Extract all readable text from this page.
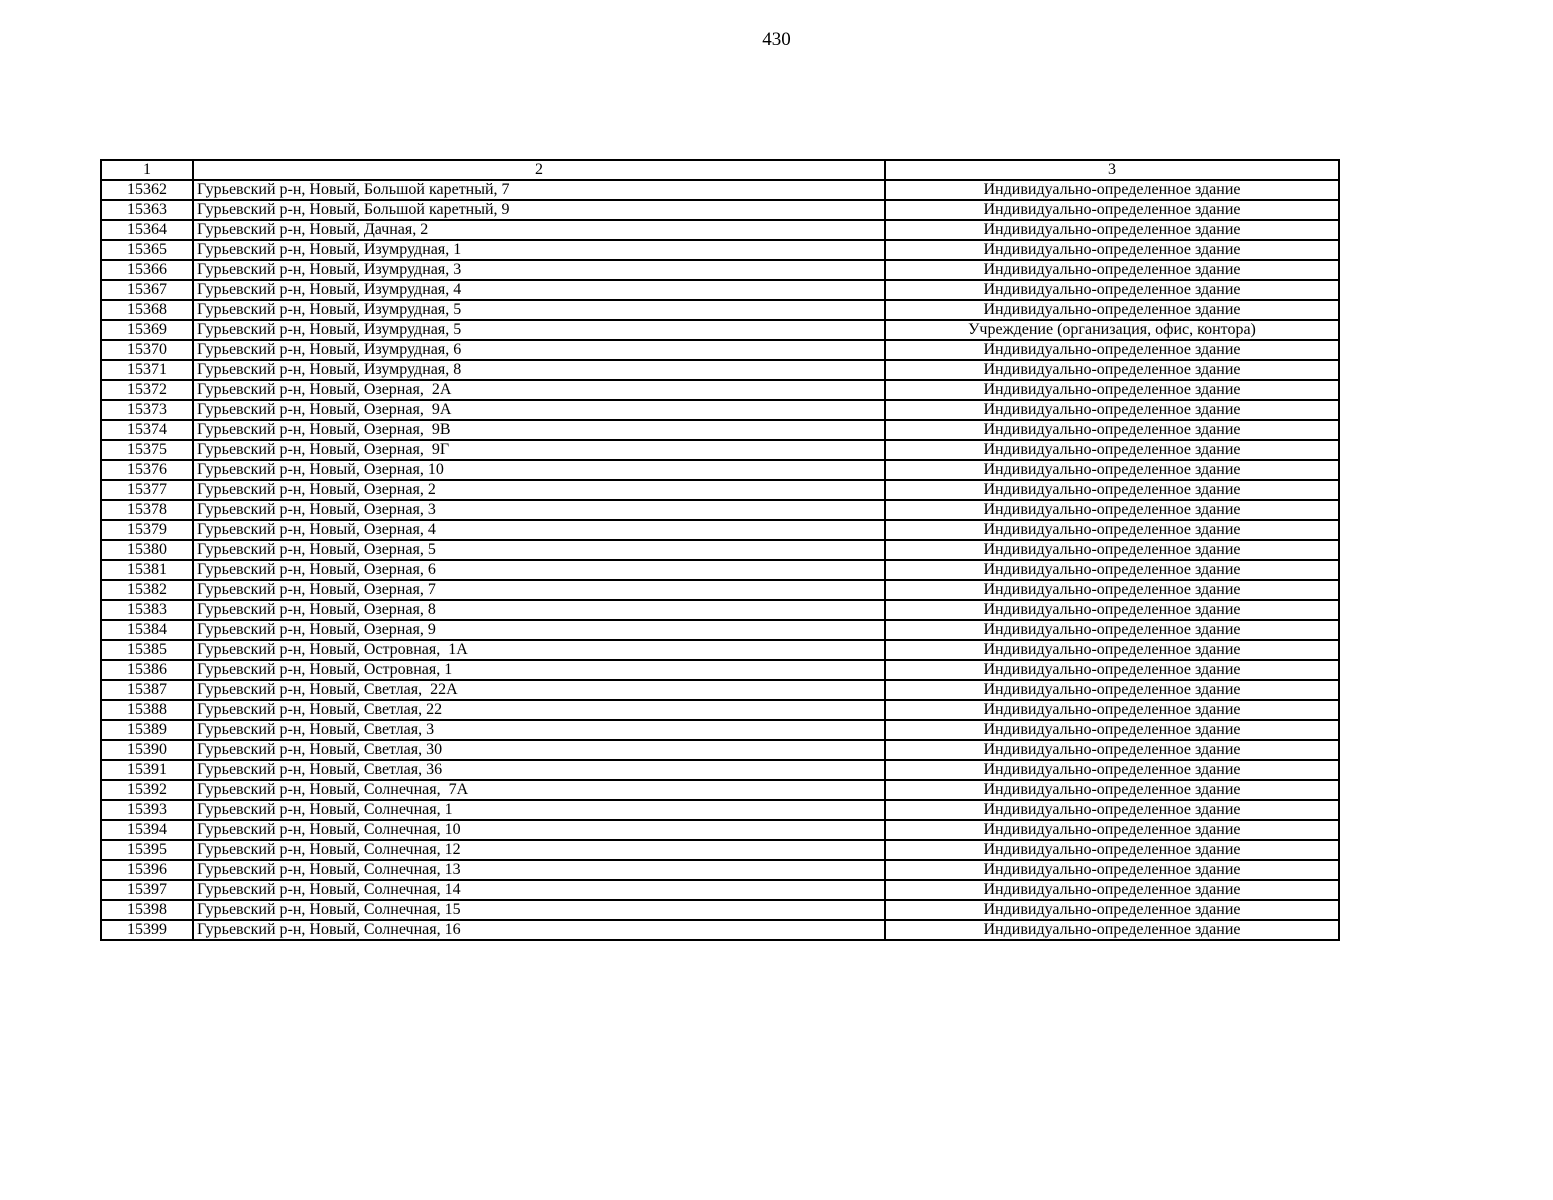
430
1	2	3
15362	Гурьевский р-н, Новый, Большой каретный, 7	Индивидуально-определенное здание
15363	Гурьевский р-н, Новый, Большой каретный, 9	Индивидуально-определенное здание
15364	Гурьевский р-н, Новый, Дачная, 2	Индивидуально-определенное здание
15365	Гурьевский р-н, Новый, Изумрудная, 1	Индивидуально-определенное здание
15366	Гурьевский р-н, Новый, Изумрудная, 3	Индивидуально-определенное здание
15367	Гурьевский р-н, Новый, Изумрудная, 4	Индивидуально-определенное здание
15368	Гурьевский р-н, Новый, Изумрудная, 5	Индивидуально-определенное здание
15369	Гурьевский р-н, Новый, Изумрудная, 5	Учреждение (организация, офис, контора)
15370	Гурьевский р-н, Новый, Изумрудная, 6	Индивидуально-определенное здание
15371	Гурьевский р-н, Новый, Изумрудная, 8	Индивидуально-определенное здание
15372	Гурьевский р-н, Новый, Озерная,  2А	Индивидуально-определенное здание
15373	Гурьевский р-н, Новый, Озерная,  9А	Индивидуально-определенное здание
15374	Гурьевский р-н, Новый, Озерная,  9В	Индивидуально-определенное здание
15375	Гурьевский р-н, Новый, Озерная,  9Г	Индивидуально-определенное здание
15376	Гурьевский р-н, Новый, Озерная, 10	Индивидуально-определенное здание
15377	Гурьевский р-н, Новый, Озерная, 2	Индивидуально-определенное здание
15378	Гурьевский р-н, Новый, Озерная, 3	Индивидуально-определенное здание
15379	Гурьевский р-н, Новый, Озерная, 4	Индивидуально-определенное здание
15380	Гурьевский р-н, Новый, Озерная, 5	Индивидуально-определенное здание
15381	Гурьевский р-н, Новый, Озерная, 6	Индивидуально-определенное здание
15382	Гурьевский р-н, Новый, Озерная, 7	Индивидуально-определенное здание
15383	Гурьевский р-н, Новый, Озерная, 8	Индивидуально-определенное здание
15384	Гурьевский р-н, Новый, Озерная, 9	Индивидуально-определенное здание
15385	Гурьевский р-н, Новый, Островная,  1А	Индивидуально-определенное здание
15386	Гурьевский р-н, Новый, Островная, 1	Индивидуально-определенное здание
15387	Гурьевский р-н, Новый, Светлая,  22А	Индивидуально-определенное здание
15388	Гурьевский р-н, Новый, Светлая, 22	Индивидуально-определенное здание
15389	Гурьевский р-н, Новый, Светлая, 3	Индивидуально-определенное здание
15390	Гурьевский р-н, Новый, Светлая, 30	Индивидуально-определенное здание
15391	Гурьевский р-н, Новый, Светлая, 36	Индивидуально-определенное здание
15392	Гурьевский р-н, Новый, Солнечная,  7А	Индивидуально-определенное здание
15393	Гурьевский р-н, Новый, Солнечная, 1	Индивидуально-определенное здание
15394	Гурьевский р-н, Новый, Солнечная, 10	Индивидуально-определенное здание
15395	Гурьевский р-н, Новый, Солнечная, 12	Индивидуально-определенное здание
15396	Гурьевский р-н, Новый, Солнечная, 13	Индивидуально-определенное здание
15397	Гурьевский р-н, Новый, Солнечная, 14	Индивидуально-определенное здание
15398	Гурьевский р-н, Новый, Солнечная, 15	Индивидуально-определенное здание
15399	Гурьевский р-н, Новый, Солнечная, 16	Индивидуально-определенное здание
